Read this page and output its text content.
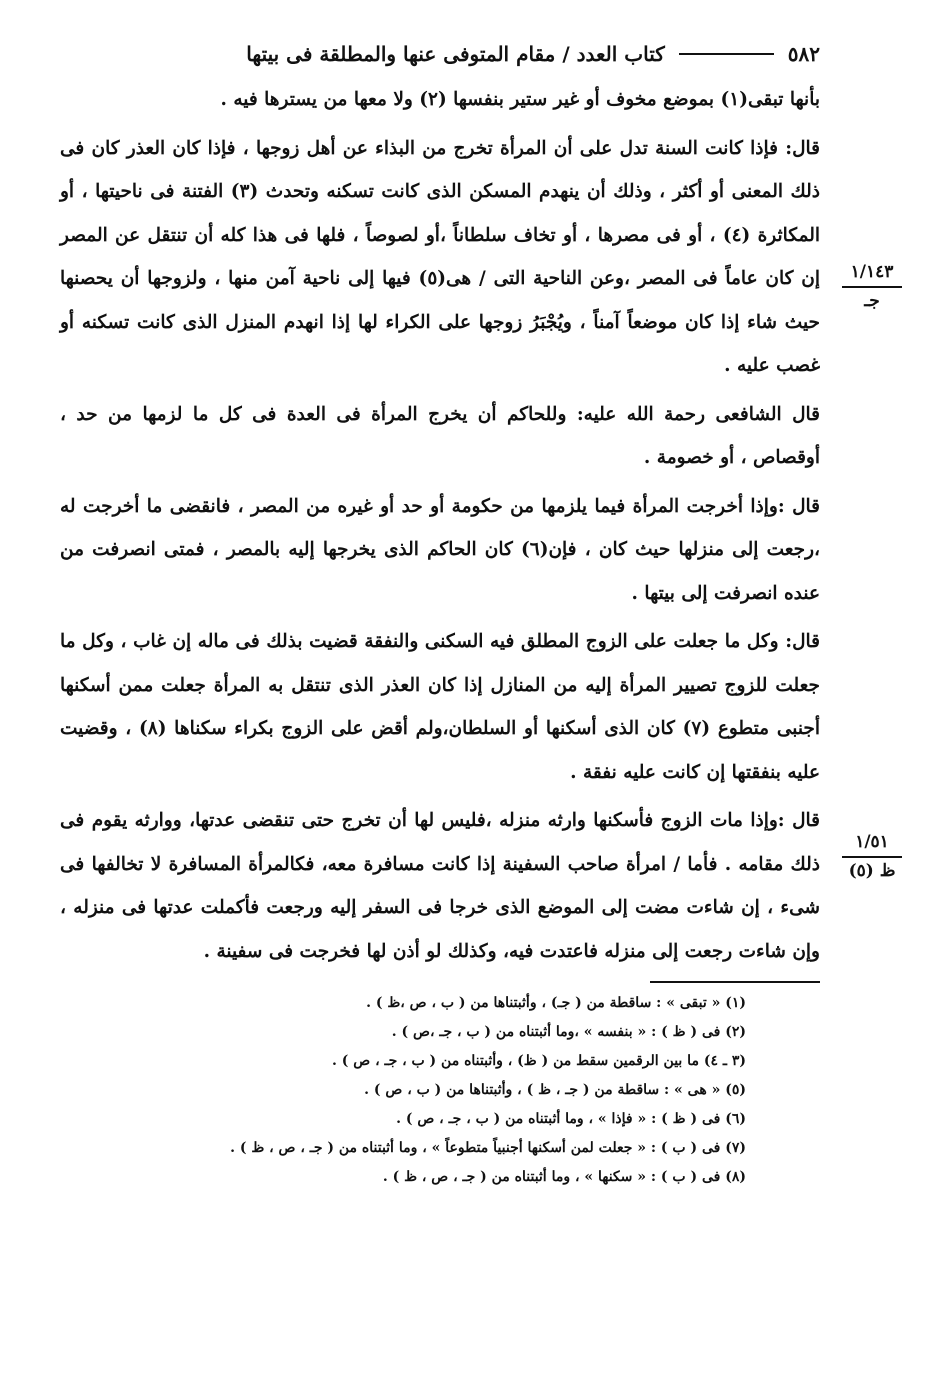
٥٨٢
كتاب العدد / مقام المتوفى عنها والمطلقة فى بيتها

بأنها تبقى(١) بموضع مخوف أو غير ستير بنفسها (٢) ولا معها من يسترها فيه .

قال: فإذا كانت السنة تدل على أن المرأة تخرج من البذاء عن أهل زوجها ، فإذا كان العذر كان فى ذلك المعنى أو أكثر ، وذلك أن ينهدم المسكن الذى كانت تسكنه وتحدث (٣) الفتنة فى ناحيتها ، أو المكاثرة (٤) ، أو فى مصرها ، أو تخاف سلطاناً ،أو لصوصاً ، فلها فى هذا كله أن تنتقل عن المصر إن كان عاماً فى المصر ،وعن الناحية التى / هى(٥) فيها إلى ناحية آمن منها ، ولزوجها أن يحصنها حيث شاء إذا كان موضعاً آمناً ، ويُجْبَرُ زوجها على الكراء لها إذا انهدم المنزل الذى كانت تسكنه أو غصب عليه .

قال الشافعى رحمة الله عليه: وللحاكم أن يخرج المرأة فى العدة فى كل ما لزمها من حد ، أوقصاص ، أو خصومة .

قال :وإذا أخرجت المرأة فيما يلزمها من حكومة أو حد أو غيره من المصر ، فانقضى ما أخرجت له ،رجعت إلى منزلها حيث كان ، فإن(٦) كان الحاكم الذى يخرجها إليه بالمصر ، فمتى انصرفت من عنده انصرفت إلى بيتها .

قال: وكل ما جعلت على الزوج المطلق فيه السكنى والنفقة قضيت بذلك فى ماله إن غاب ، وكل ما جعلت للزوج تصيير المرأة إليه من المنازل إذا كان العذر الذى تنتقل به المرأة جعلت ممن أسكنها أجنبى متطوع (٧) كان الذى أسكنها أو السلطان،ولم أقض على الزوج بكراء سكناها (٨) ، وقضيت عليه بنفقتها إن كانت عليه نفقة .

قال :وإذا مات الزوج فأسكنها وارثه منزله ،فليس لها أن تخرج حتى تنقضى عدتها، ووارثه يقوم فى ذلك مقامه . فأما / امرأة صاحب السفينة إذا كانت مسافرة معه، فكالمرأة المسافرة لا تخالفها فى شىء ، إن شاءت مضت إلى الموضع الذى خرجا فى السفر إليه ورجعت فأكملت عدتها فى منزله ، وإن شاءت رجعت إلى منزله فاعتدت فيه، وكذلك لو أذن لها فخرجت فى سفينة .

(١) « تبقى » : ساقطة من ( جـ) ، وأثبتناها من ( ب ، ص ،ظ ) .
(٢) فى ( ظ ) : « بنفسه » ،وما أثبتناه من ( ب ، جـ ،ص ) .
(٣ ـ ٤) ما بين الرقمين سقط من ( ظ) ، وأثبتناه من ( ب ، جـ ، ص ) .
(٥) « هى » : ساقطة من ( جـ ، ظ ) ، وأثبتناها من ( ب ، ص ) .
(٦) فى ( ظ ) : « فإذا » ، وما أثبتناه من ( ب ، جـ ، ص ) .
(٧) فى ( ب ) : « جعلت لمن أسكنها أجنبياً متطوعاً » ، وما أثبتناه من ( جـ ، ص ، ظ ) .
(٨) فى ( ب ) : « سكنها » ، وما أثبتناه من ( جـ ، ص ، ظ ) .
١/١٤٣
جـ
١/٥١
ظ (٥)
